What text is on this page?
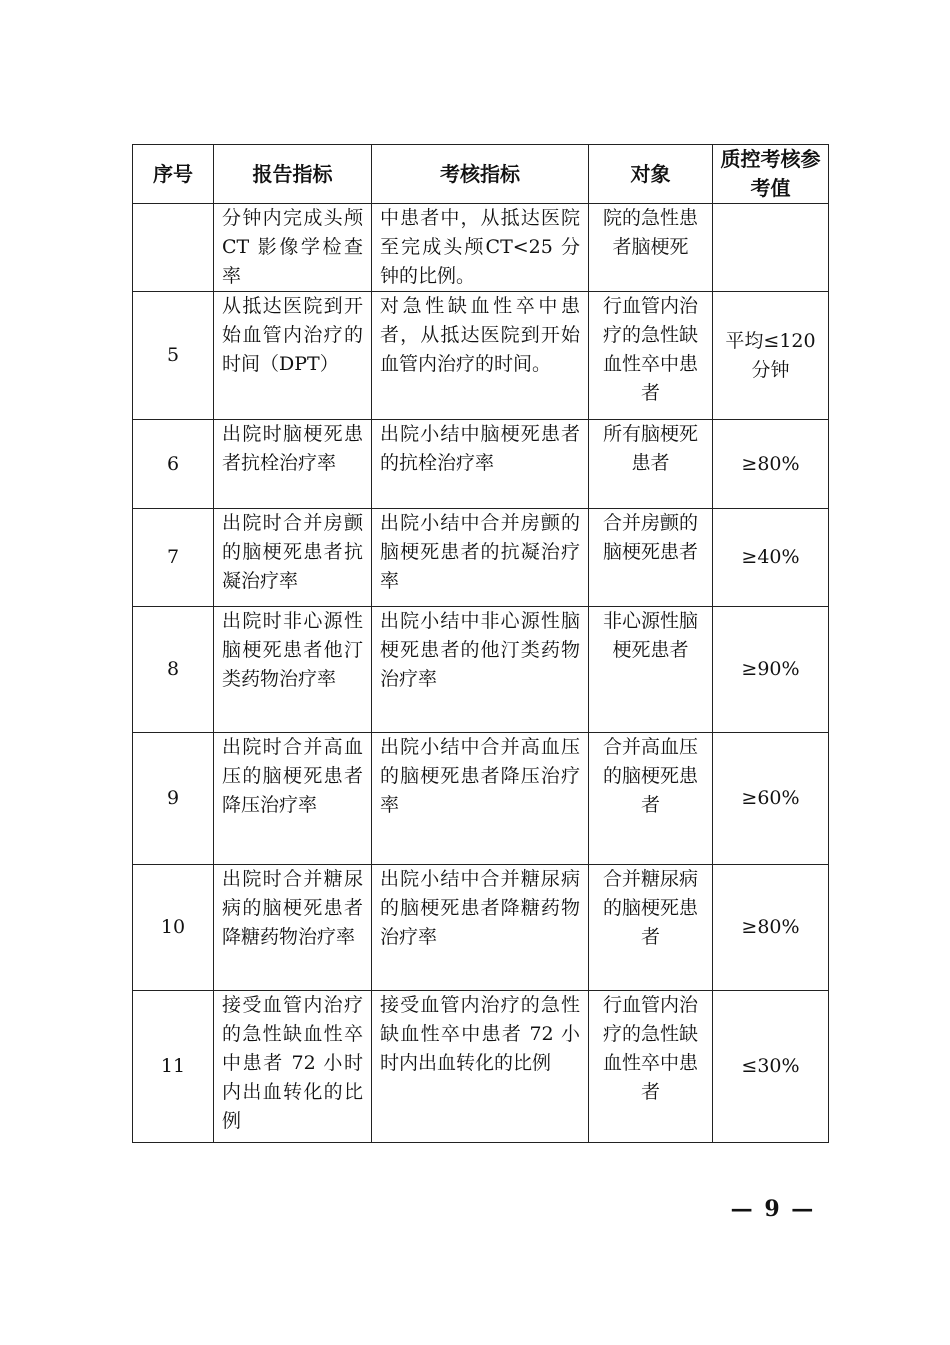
序号	报告指标	考核指标	对象	质控考核参考值
	分钟内完成头颅 CT 影像学检查率	中患者中，从抵达医院至完成头颅CT<25 分钟的比例。	院的急性患者脑梗死	
5	从抵达医院到开始血管内治疗的时间（DPT）	对急性缺血性卒中患者，从抵达医院到开始血管内治疗的时间。	行血管内治疗的急性缺血性卒中患者	平均≤120 分钟
6	出院时脑梗死患者抗栓治疗率	出院小结中脑梗死患者的抗栓治疗率	所有脑梗死患者	≥80%
7	出院时合并房颤的脑梗死患者抗凝治疗率	出院小结中合并房颤的脑梗死患者的抗凝治疗率	合并房颤的脑梗死患者	≥40%
8	出院时非心源性脑梗死患者他汀类药物治疗率	出院小结中非心源性脑梗死患者的他汀类药物治疗率	非心源性脑梗死患者	≥90%
9	出院时合并高血压的脑梗死患者降压治疗率	出院小结中合并高血压的脑梗死患者降压治疗率	合并高血压的脑梗死患者	≥60%
10	出院时合并糖尿病的脑梗死患者降糖药物治疗率	出院小结中合并糖尿病的脑梗死患者降糖药物治疗率	合并糖尿病的脑梗死患者	≥80%
11	接受血管内治疗的急性缺血性卒中患者 72 小时内出血转化的比例	接受血管内治疗的急性缺血性卒中患者 72 小时内出血转化的比例	行血管内治疗的急性缺血性卒中患者	≤30%
— 9 —
